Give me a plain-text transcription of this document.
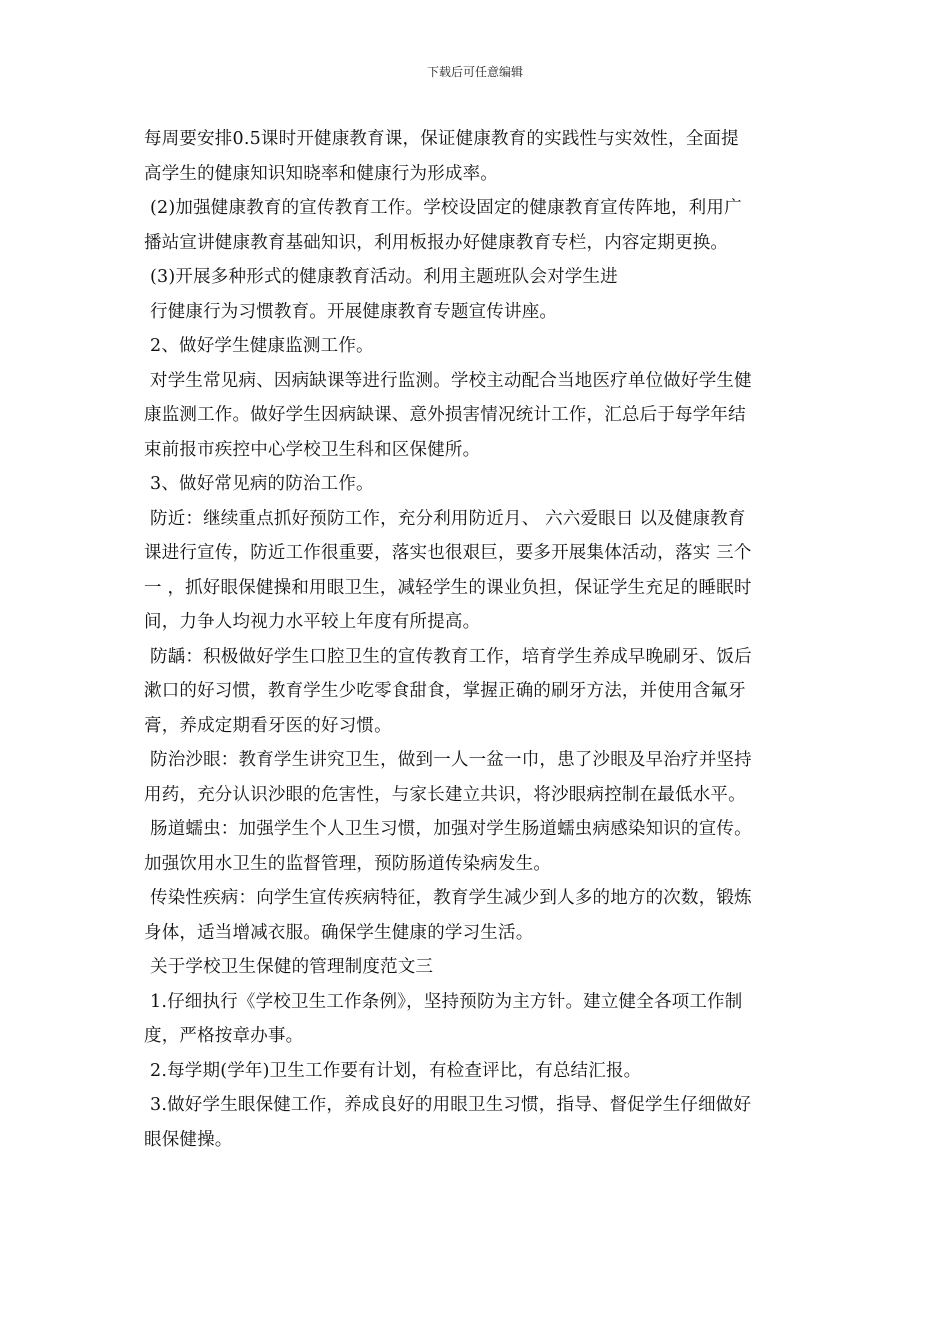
下载后可任意编辑
每周要安排0.5课时开健康教育课，保证健康教育的实践性与实效性，全面提
高学生的健康知识知晓率和健康行为形成率。
(2)加强健康教育的宣传教育工作。学校设固定的健康教育宣传阵地，利用广
播站宣讲健康教育基础知识，利用板报办好健康教育专栏，内容定期更换。
(3)开展多种形式的健康教育活动。利用主题班队会对学生进
行健康行为习惯教育。开展健康教育专题宣传讲座。
2、做好学生健康监测工作。
对学生常见病、因病缺课等进行监测。学校主动配合当地医疗单位做好学生健
康监测工作。做好学生因病缺课、意外损害情况统计工作，汇总后于每学年结
束前报市疾控中心学校卫生科和区保健所。
3、做好常见病的防治工作。
防近：继续重点抓好预防工作，充分利用防近月、 六六爱眼日 以及健康教育
课进行宣传，防近工作很重要，落实也很艰巨，要多开展集体活动，落实 三个
一 ，抓好眼保健操和用眼卫生，减轻学生的课业负担，保证学生充足的睡眠时
间，力争人均视力水平较上年度有所提高。
防龋：积极做好学生口腔卫生的宣传教育工作，培育学生养成早晚刷牙、饭后
漱口的好习惯，教育学生少吃零食甜食，掌握正确的刷牙方法，并使用含氟牙
膏，养成定期看牙医的好习惯。
防治沙眼：教育学生讲究卫生，做到一人一盆一巾，患了沙眼及早治疗并坚持
用药，充分认识沙眼的危害性，与家长建立共识，将沙眼病控制在最低水平。
肠道蠕虫：加强学生个人卫生习惯，加强对学生肠道蠕虫病感染知识的宣传。
加强饮用水卫生的监督管理，预防肠道传染病发生。
传染性疾病：向学生宣传疾病特征，教育学生减少到人多的地方的次数，锻炼
身体，适当增减衣服。确保学生健康的学习生活。
关于学校卫生保健的管理制度范文三
1.仔细执行《学校卫生工作条例》，坚持预防为主方针。建立健全各项工作制
度，严格按章办事。
2.每学期(学年)卫生工作要有计划，有检查评比，有总结汇报。
3.做好学生眼保健工作，养成良好的用眼卫生习惯，指导、督促学生仔细做好
眼保健操。
